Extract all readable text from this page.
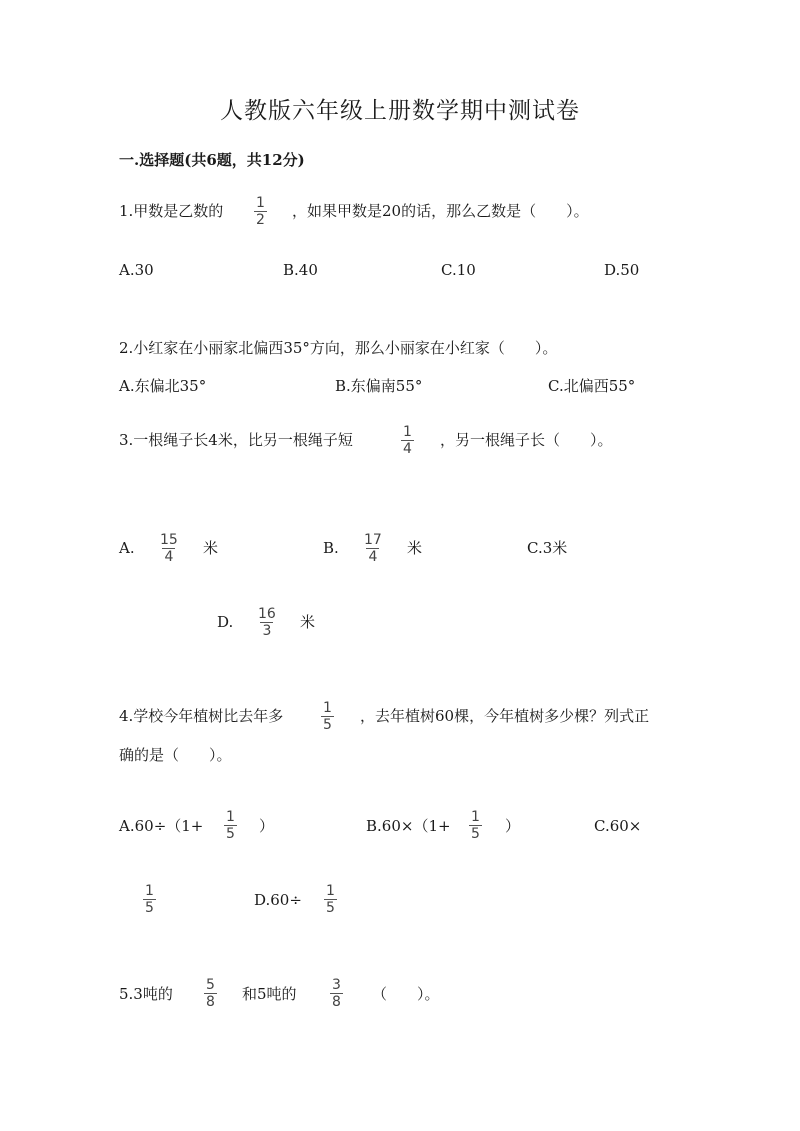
人教版六年级上册数学期中测试卷
一.选择题(共6题，共12分)
1.甲数是乙数的 $\frac{1}{2}$ ，如果甲数是20的话，那么乙数是（　　）。
A.30	B.40	C.10	D.50
2.小红家在小丽家北偏西35°方向，那么小丽家在小红家（　　）。
A.东偏北35°	B.东偏南55°	C.北偏西55°
3.一根绳子长4米，比另一根绳子短	$\frac{1}{4}$ ，另一根绳子长（　　）。
A. $\frac{15}{4}$ 米	B. $\frac{17}{4}$ 米	C.3米
D. $\frac{16}{3}$ 米
4.学校今年植树比去年多	$\frac{1}{5}$ ，去年植树60棵，今年植树多少棵？列式正
确的是（　　）。
$A.60\div(1+ \frac{1}{5}$ ）	$B.60\times(1+ \frac{1}{5}$ ）	C.60×
$\frac{1}{5}$	$D.60\div \frac{1}{5}$
5.3吨的 $\frac{5}{8}$ 和5吨的 $\frac{3}{8}$ （　　）。
